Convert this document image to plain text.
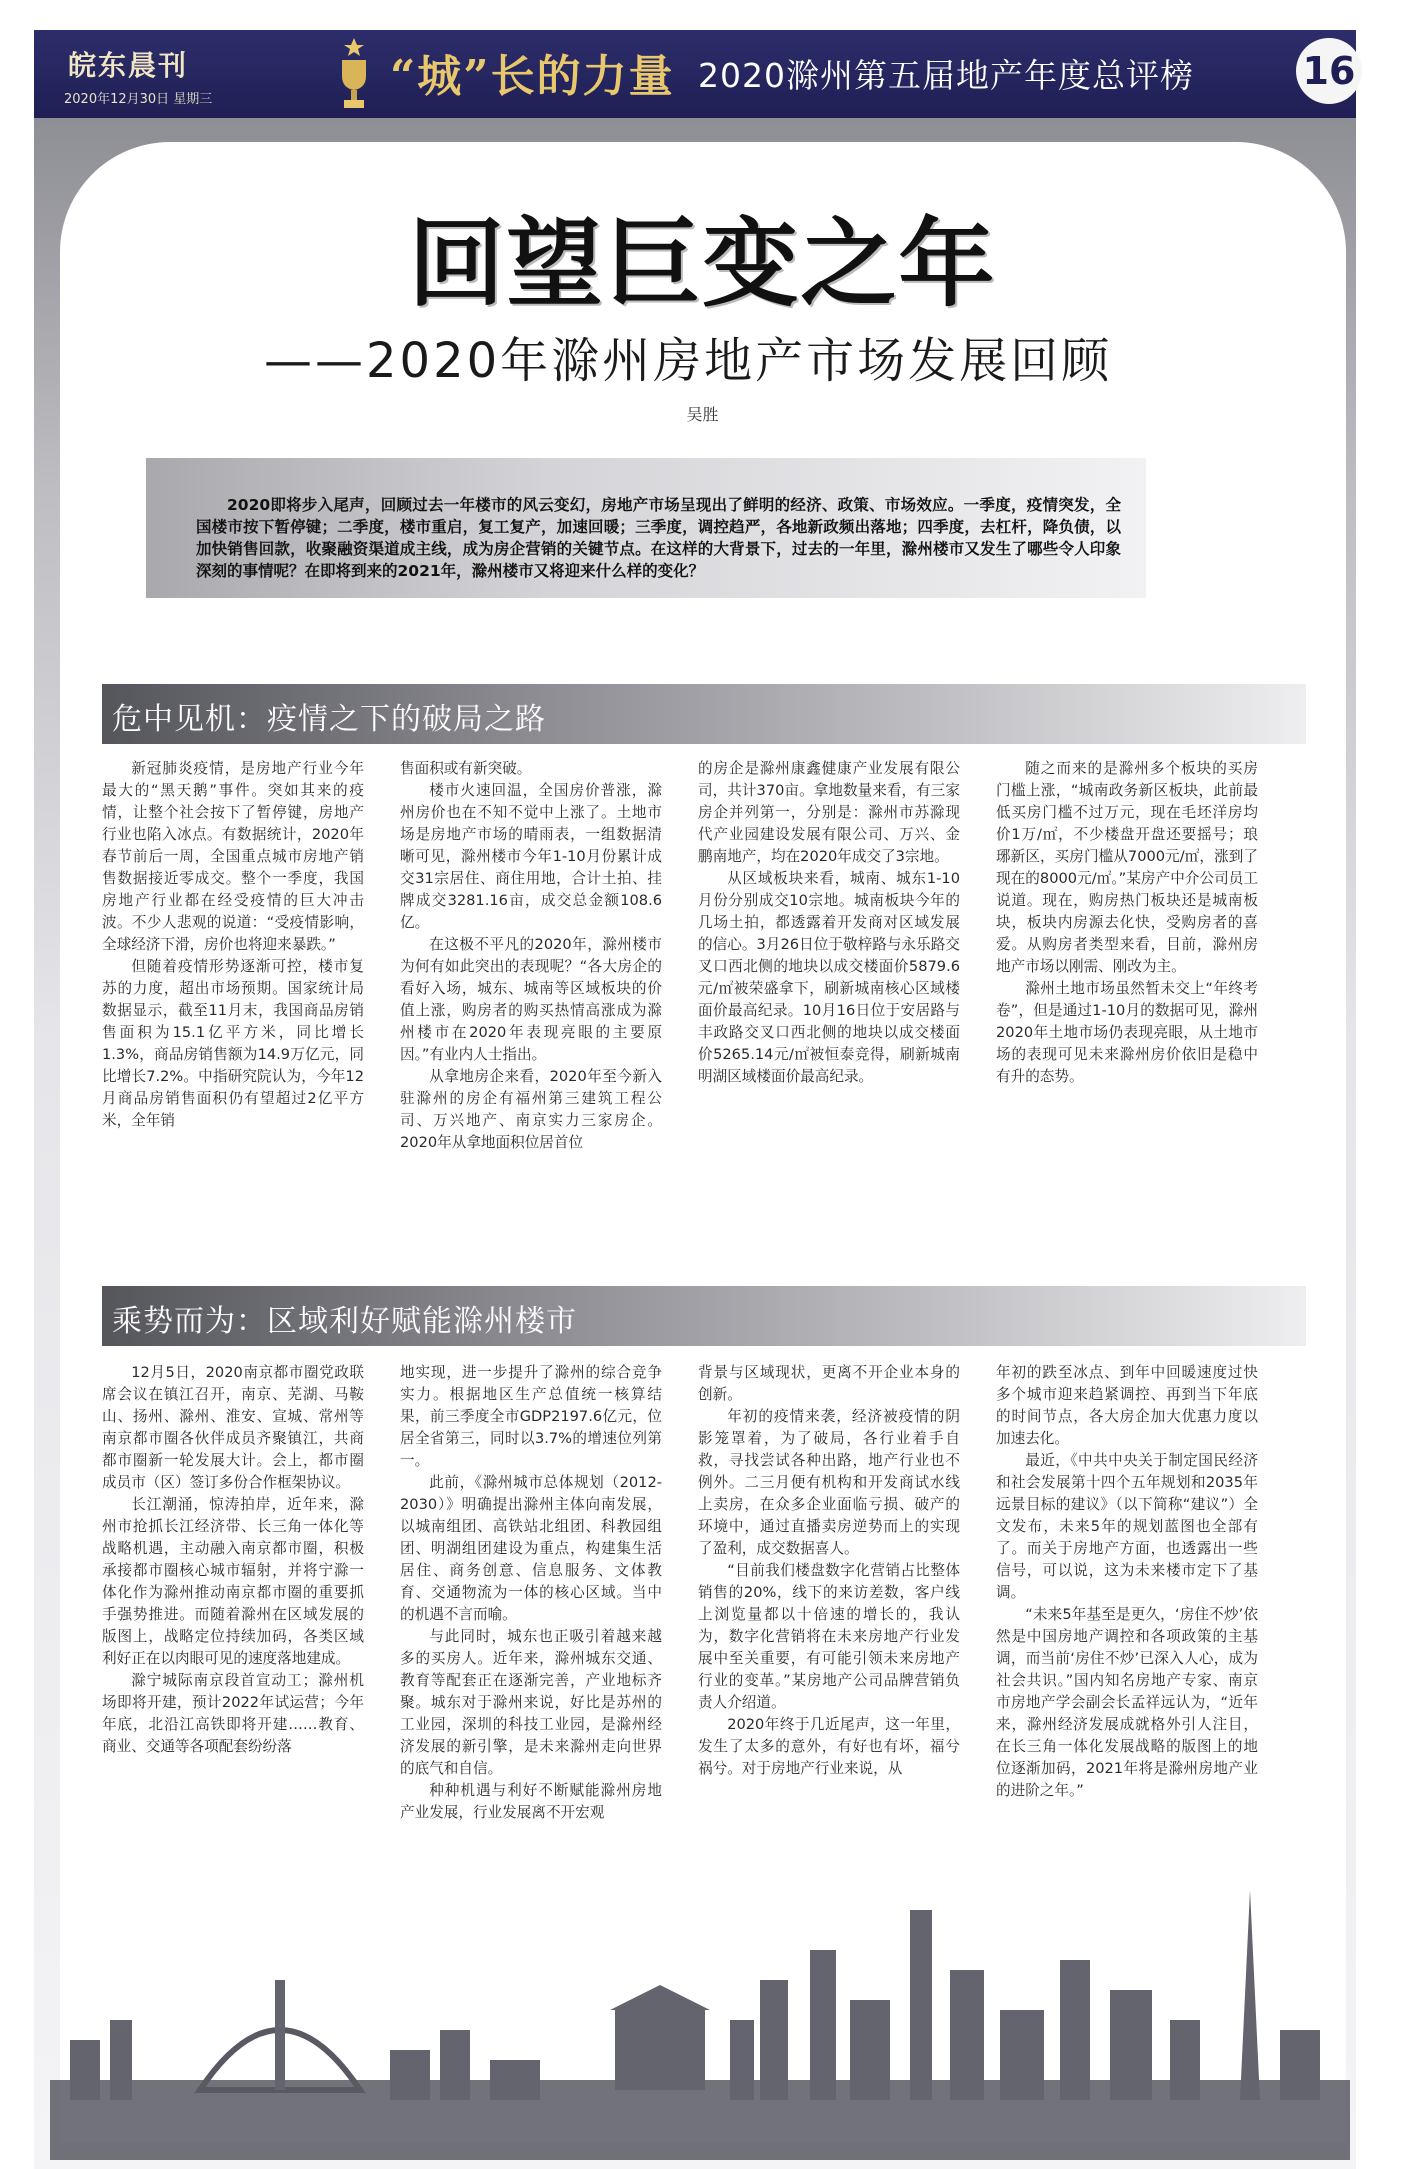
皖东晨刊
2020年12月30日 星期三	“城”长的力量 2020滁州第五届地产年度总评榜	16
回望巨变之年
——2020年滁州房地产市场发展回顾
吴胜
2020即将步入尾声，回顾过去一年楼市的风云变幻，房地产市场呈现出了鲜明的经济、政策、市场效应。一季度，疫情突发，全国楼市按下暂停键；二季度，楼市重启，复工复产，加速回暖；三季度，调控趋严，各地新政频出落地；四季度，去杠杆，降负债，以加快销售回款，收聚融资渠道成主线，成为房企营销的关键节点。在这样的大背景下，过去的一年里，滁州楼市又发生了哪些令人印象深刻的事情呢？在即将到来的2021年，滁州楼市又将迎来什么样的变化？
危中见机：疫情之下的破局之路

新冠肺炎疫情，是房地产行业今年最大的“黑天鹅”事件。突如其来的疫情，让整个社会按下了暂停键，房地产行业也陷入冰点。有数据统计，2020年春节前后一周，全国重点城市房地产销售数据接近零成交。整个一季度，我国房地产行业都在经受疫情的巨大冲击波。不少人悲观的说道：“受疫情影响，全球经济下滑，房价也将迎来暴跌。”

但随着疫情形势逐渐可控，楼市复苏的力度，超出市场预期。国家统计局数据显示，截至11月末，我国商品房销售面积为15.1亿平方米，同比增长1.3%，商品房销售额为14.9万亿元，同比增长7.2%。中指研究院认为，今年12月商品房销售面积仍有望超过2亿平方米，全年销

售面积或有新突破。

楼市火速回温，全国房价普涨，滁州房价也在不知不觉中上涨了。土地市场是房地产市场的晴雨表，一组数据清晰可见，滁州楼市今年1-10月份累计成交31宗居住、商住用地，合计土拍、挂牌成交3281.16亩，成交总金额108.6亿。

在这极不平凡的2020年，滁州楼市为何有如此突出的表现呢？“各大房企的看好入场，城东、城南等区域板块的价值上涨，购房者的购买热情高涨成为滁州楼市在2020年表现亮眼的主要原因。”有业内人士指出。

从拿地房企来看，2020年至今新入驻滁州的房企有福州第三建筑工程公司、万兴地产、南京实力三家房企。2020年从拿地面积位居首位

的房企是滁州康鑫健康产业发展有限公司，共计370亩。拿地数量来看，有三家房企并列第一，分别是：滁州市苏滁现代产业园建设发展有限公司、万兴、金鹏南地产，均在2020年成交了3宗地。

从区域板块来看，城南、城东1-10月份分别成交10宗地。城南板块今年的几场土拍，都透露着开发商对区域发展的信心。3月26日位于敬梓路与永乐路交叉口西北侧的地块以成交楼面价5879.6元/㎡被荣盛拿下，刷新城南核心区域楼面价最高纪录。10月16日位于安居路与丰政路交叉口西北侧的地块以成交楼面价5265.14元/㎡被恒泰竞得，刷新城南明湖区域楼面价最高纪录。

随之而来的是滁州多个板块的买房门槛上涨，“城南政务新区板块，此前最低买房门槛不过万元，现在毛坯洋房均价1万/㎡，不少楼盘开盘还要摇号；琅琊新区，买房门槛从7000元/㎡，涨到了现在的8000元/㎡。”某房产中介公司员工说道。现在，购房热门板块还是城南板块，板块内房源去化快，受购房者的喜爱。从购房者类型来看，目前，滁州房地产市场以刚需、刚改为主。

滁州土地市场虽然暂未交上“年终考卷”，但是通过1-10月的数据可见，滁州2020年土地市场仍表现亮眼，从土地市场的表现可见未来滁州房价依旧是稳中有升的态势。

乘势而为：区域利好赋能滁州楼市

12月5日，2020南京都市圈党政联席会议在镇江召开，南京、芜湖、马鞍山、扬州、滁州、淮安、宣城、常州等南京都市圈各伙伴成员齐聚镇江，共商都市圈新一轮发展大计。会上，都市圈成员市（区）签订多份合作框架协议。

长江潮涌，惊涛拍岸，近年来，滁州市抢抓长江经济带、长三角一体化等战略机遇，主动融入南京都市圈，积极承接都市圈核心城市辐射，并将宁滁一体化作为滁州推动南京都市圈的重要抓手强势推进。而随着滁州在区域发展的版图上，战略定位持续加码，各类区域利好正在以肉眼可见的速度落地建成。

滁宁城际南京段首宣动工；滁州机场即将开建，预计2022年试运营；今年年底，北沿江高铁即将开建……教育、商业、交通等各项配套纷纷落

地实现，进一步提升了滁州的综合竞争实力。根据地区生产总值统一核算结果，前三季度全市GDP2197.6亿元，位居全省第三，同时以3.7%的增速位列第一。

此前，《滁州城市总体规划（2012-2030）》明确提出滁州主体向南发展，以城南组团、高铁站北组团、科教园组团、明湖组团建设为重点，构建集生活居住、商务创意、信息服务、文体教育、交通物流为一体的核心区域。当中的机遇不言而喻。

与此同时，城东也正吸引着越来越多的买房人。近年来，滁州城东交通、教育等配套正在逐渐完善，产业地标齐聚。城东对于滁州来说，好比是苏州的工业园，深圳的科技工业园，是滁州经济发展的新引擎，是未来滁州走向世界的底气和自信。

种种机遇与利好不断赋能滁州房地产业发展，行业发展离不开宏观

背景与区域现状，更离不开企业本身的创新。

年初的疫情来袭，经济被疫情的阴影笼罩着，为了破局，各行业着手自救，寻找尝试各种出路，地产行业也不例外。二三月便有机构和开发商试水线上卖房，在众多企业面临亏损、破产的环境中，通过直播卖房逆势而上的实现了盈利，成交数据喜人。

“目前我们楼盘数字化营销占比整体销售的20%，线下的来访差数，客户线上浏览量都以十倍速的增长的，我认为，数字化营销将在未来房地产行业发展中至关重要，有可能引领未来房地产行业的变革。”某房地产公司品牌营销负责人介绍道。

2020年终于几近尾声，这一年里，发生了太多的意外，有好也有坏，福兮祸兮。对于房地产行业来说，从

年初的跌至冰点、到年中回暖速度过快多个城市迎来趋紧调控、再到当下年底的时间节点，各大房企加大优惠力度以加速去化。

最近，《中共中央关于制定国民经济和社会发展第十四个五年规划和2035年远景目标的建议》（以下简称“建议”）全文发布，未来5年的规划蓝图也全部有了。而关于房地产方面，也透露出一些信号，可以说，这为未来楼市定下了基调。

“未来5年基至是更久，‘房住不炒’依然是中国房地产调控和各项政策的主基调，而当前‘房住不炒’已深入人心，成为社会共识。”国内知名房地产专家、南京市房地产学会副会长孟祥远认为，“近年来，滁州经济发展成就格外引人注目，在长三角一体化发展战略的版图上的地位逐渐加码，2021年将是滁州房地产业的进阶之年。”
